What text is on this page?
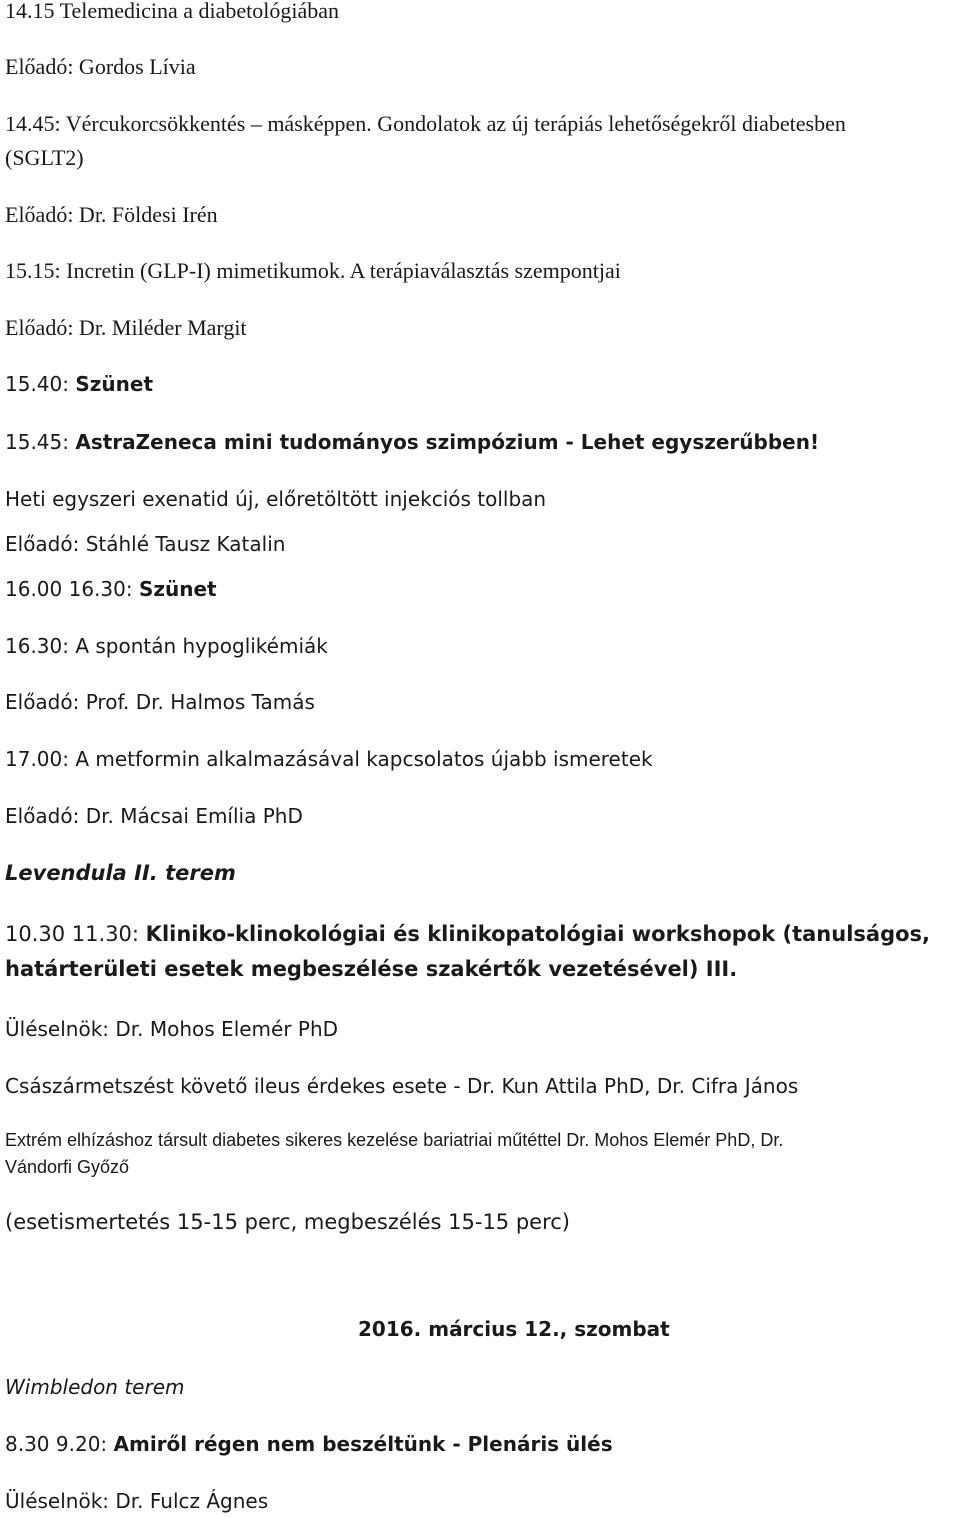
14.15 Telemedicina a diabetológiában
Előadó: Gordos Lívia
14.45: Vércukorcsökkentés – másképpen. Gondolatok az új terápiás lehetőségekről diabetesben
(SGLT2)
Előadó: Dr. Földesi Irén
15.15: Incretin (GLP-I) mimetikumok. A terápiaválasztás szempontjai
Előadó: Dr. Miléder Margit
15.40: Szünet
15.45: AstraZeneca mini tudományos szimpózium - Lehet egyszerűbben!
Heti egyszeri exenatid új, előretöltött injekciós tollban
Előadó: Stáhlé Tausz Katalin
16.00 16.30: Szünet
16.30: A spontán hypoglikémiák
Előadó: Prof. Dr. Halmos Tamás
17.00: A metformin alkalmazásával kapcsolatos újabb ismeretek
Előadó: Dr. Mácsai Emília PhD
Levendula II. terem
10.30 11.30: Kliniko-klinokológiai és klinikopatológiai workshopok (tanulságos,
határterületi esetek megbeszélése szakértők vezetésével) III.
Üléselnök: Dr. Mohos Elemér PhD
Császármetszést követő ileus érdekes esete - Dr. Kun Attila PhD, Dr. Cifra János
Extrém elhízáshoz társult diabetes sikeres kezelése bariatriai műtéttel Dr. Mohos Elemér PhD, Dr.
Vándorfi Győző
(esetismertetés 15-15 perc, megbeszélés 15-15 perc)
2016. március 12., szombat
Wimbledon terem
8.30 9.20: Amiről régen nem beszéltünk - Plenáris ülés
Üléselnök: Dr. Fulcz Ágnes
